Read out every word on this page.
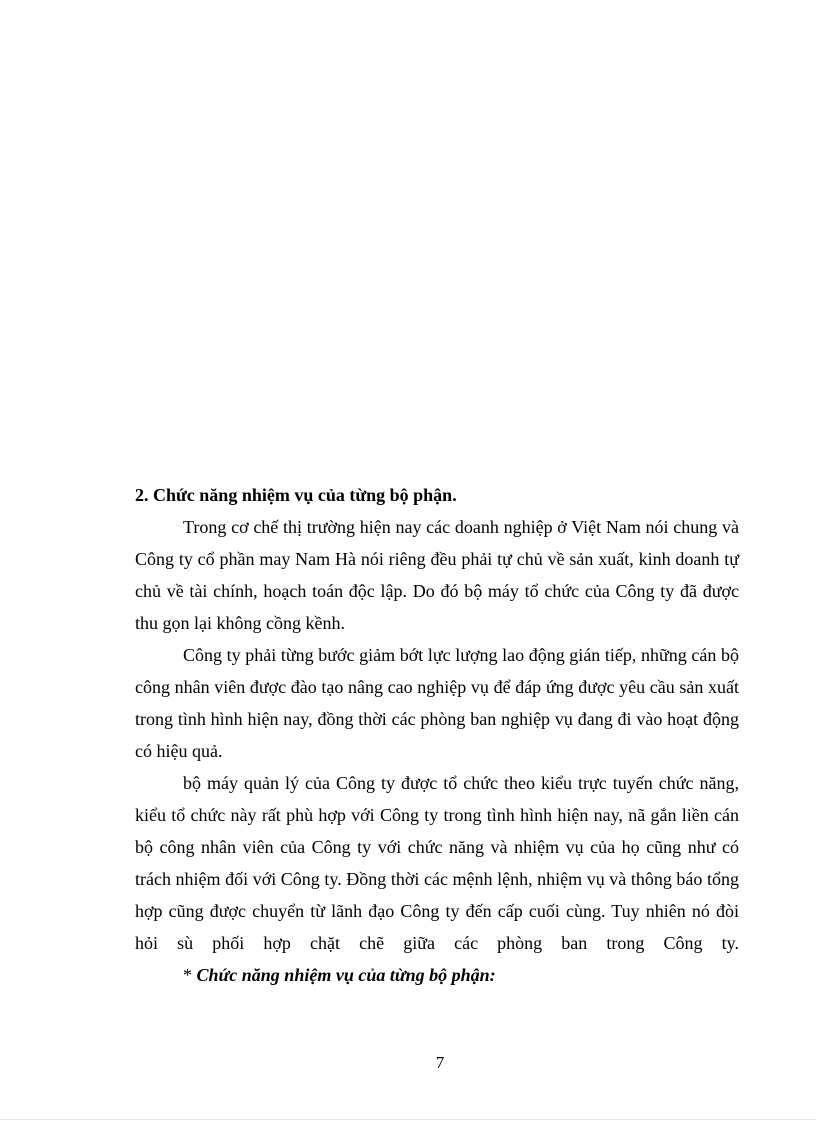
2. Chức năng nhiệm vụ của từng bộ phận.

Trong cơ chế thị trường hiện nay các doanh nghiệp ở Việt Nam nói chung và Công ty cổ phần may Nam Hà nói riêng đều phải tự chủ về sản xuất, kinh doanh tự chủ về tài chính, hoạch toán độc lập. Do đó bộ máy tổ chức của Công ty đã được thu gọn lại không cồng kềnh.

Công ty phải từng bước giảm bớt lực lượng lao động gián tiếp, những cán bộ công nhân viên được đào tạo nâng cao nghiệp vụ để đáp ứng được yêu cầu sản xuất trong tình hình hiện nay, đồng thời các phòng ban nghiệp vụ đang đi vào hoạt động có hiệu quả.

bộ máy quản lý của Công ty được tổ chức theo kiểu trực tuyến chức năng, kiểu tổ chức này rất phù hợp với Công ty trong tình hình hiện nay, nã gắn liền cán bộ công nhân viên của Công ty với chức năng và nhiệm vụ của họ cũng như có trách nhiệm đối với Công ty. Đồng thời các mệnh lệnh, nhiệm vụ và thông báo tổng hợp cũng được chuyển từ lãnh đạo Công ty đến cấp cuối cùng. Tuy nhiên nó đòi hỏi sù phối hợp chặt chẽ giữa các phòng ban trong Công ty.

* Chức năng nhiệm vụ của từng bộ phận:

7
